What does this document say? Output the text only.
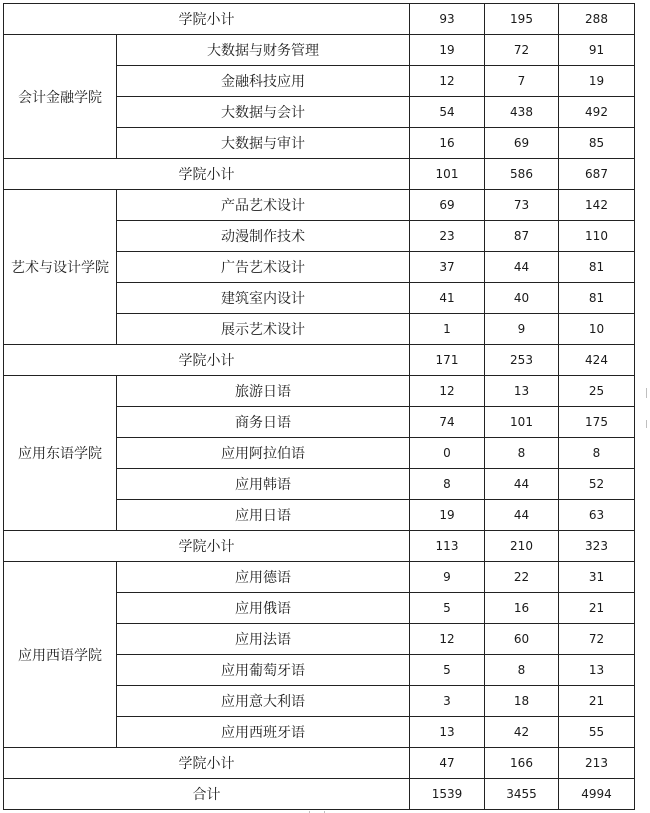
学院小计		93	195	288
会计金融学院	大数据与财务管理	19	72	91
	金融科技应用	12	7	19
	大数据与会计	54	438	492
	大数据与审计	16	69	85
学院小计		101	586	687
艺术与设计学院	产品艺术设计	69	73	142
	动漫制作技术	23	87	110
	广告艺术设计	37	44	81
	建筑室内设计	41	40	81
	展示艺术设计	1	9	10
学院小计		171	253	424
应用东语学院	旅游日语	12	13	25
	商务日语	74	101	175
	应用阿拉伯语	0	8	8
	应用韩语	8	44	52
	应用日语	19	44	63
学院小计		113	210	323
应用西语学院	应用德语	9	22	31
	应用俄语	5	16	21
	应用法语	12	60	72
	应用葡萄牙语	5	8	13
	应用意大利语	3	18	21
	应用西班牙语	13	42	55
学院小计		47	166	213
合计		1539	3455	4994
